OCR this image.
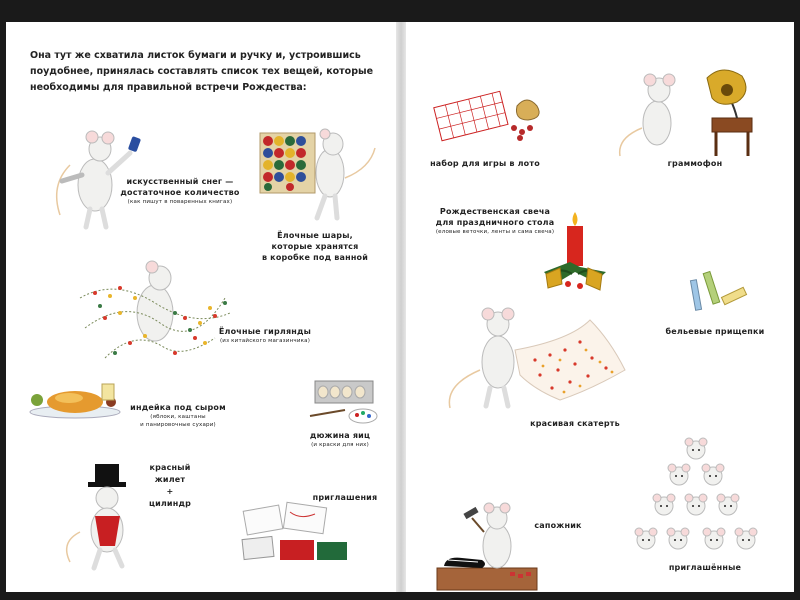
Она тут же схватила листок бумаги и ручку и, устроившись
поудобнее, принялась составлять список тех вещей, которые
необходимы для правильной встречи Рождества:
искусственный снег —
достаточное количество
(как пишут в поваренных книгах)
Ёлочные шары,
которые хранятся
в коробке под ванной
Ёлочные гирлянды
(из китайского магазинчика)
индейка под сыром
(яблоки, каштаны
и панировочные сухари)
дюжина яиц
(и краски для них)
красный
жилет
+
цилиндр
приглашения
набор для игры в лото	граммофон
Рождественская свеча
для праздничного стола
(еловые веточки, ленты и сама свеча)
бельевые прищепки
красивая скатерть
сапожник
приглашённые
